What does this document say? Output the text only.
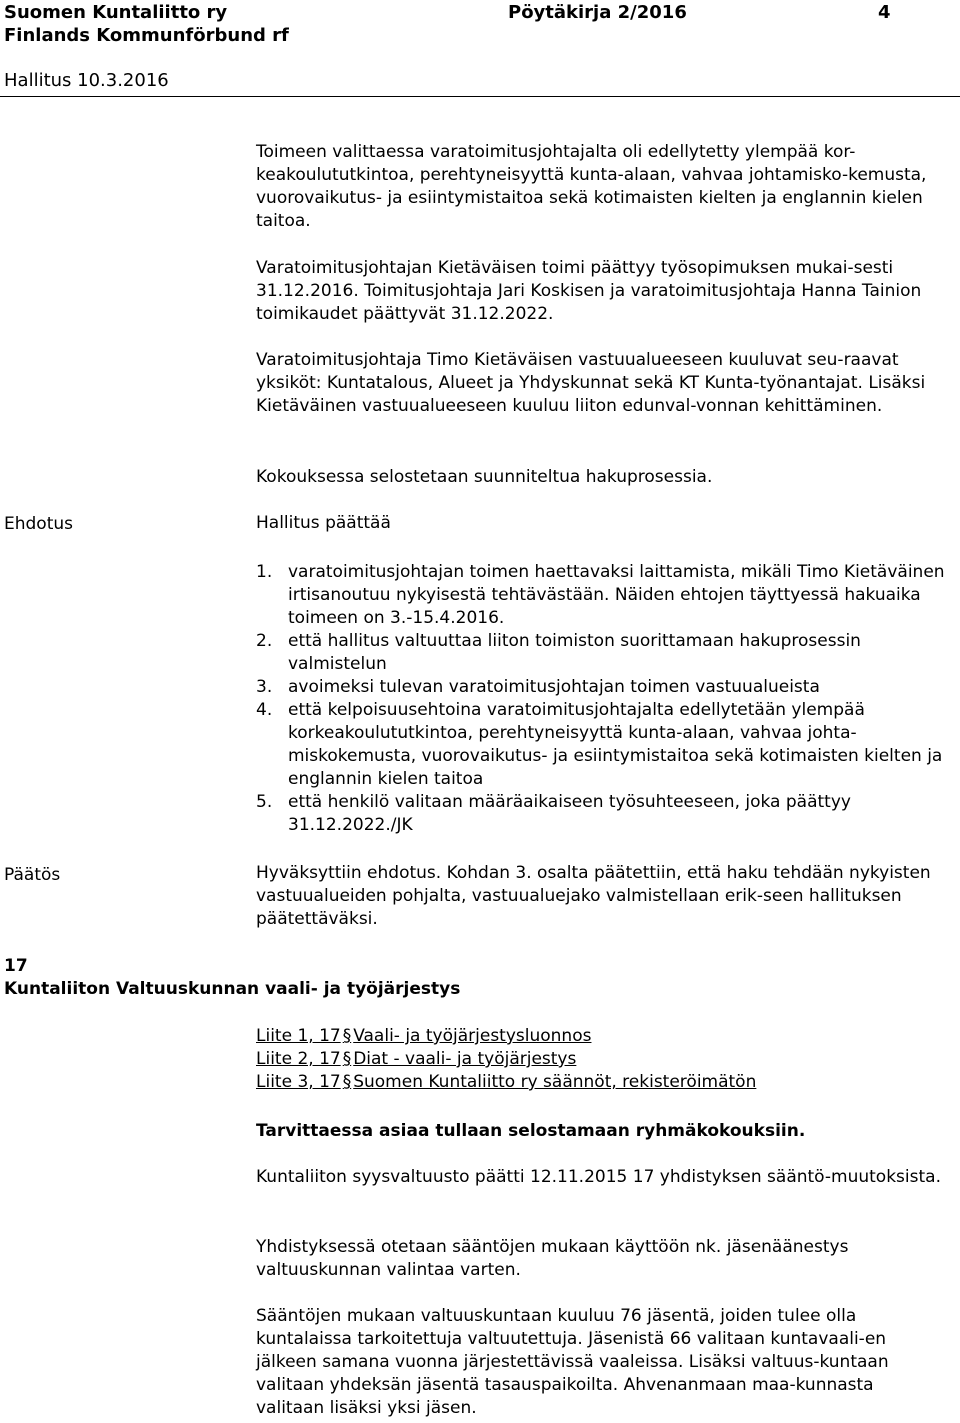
Suomen Kuntaliitto ry	Pöytäkirja 2/2016	4
Finlands Kommunförbund rf
Hallitus 10.3.2016

Toimeen valittaessa varatoimitusjohtajalta oli edellytetty ylempää kor-keakoulututkintoa, perehtyneisyyttä kunta-alaan, vahvaa johtamisko-kemusta, vuorovaikutus- ja esiintymistaitoa sekä kotimaisten kielten ja englannin kielen taitoa.

Varatoimitusjohtajan Kietäväisen toimi päättyy työsopimuksen mukai-sesti 31.12.2016. Toimitusjohtaja Jari Koskisen ja varatoimitusjohtaja Hanna Tainion toimikaudet päättyvät 31.12.2022.

Varatoimitusjohtaja Timo Kietäväisen vastuualueeseen kuuluvat seu-raavat yksiköt: Kuntatalous, Alueet ja Yhdyskunnat sekä KT Kunta-työnantajat. Lisäksi Kietäväinen vastuualueeseen kuuluu liiton edunval-vonnan kehittäminen.

Kokouksessa selostetaan suunniteltua hakuprosessia.

Ehdotus	Hallitus päättää
1. varatoimitusjohtajan toimen haettavaksi laittamista, mikäli Timo Kietäväinen irtisanoutuu nykyisestä tehtävästään. Näiden ehtojen täyttyessä hakuaika toimeen on 3.-15.4.2016.
2. että hallitus valtuuttaa liiton toimiston suorittamaan hakuprosessin valmistelun
3. avoimeksi tulevan varatoimitusjohtajan toimen vastuualueista
4. että kelpoisuusehtoina varatoimitusjohtajalta edellytetään ylempää korkeakoulututkintoa, perehtyneisyyttä kunta-alaan, vahvaa johta-miskokemusta, vuorovaikutus- ja esiintymistaitoa sekä kotimaisten kielten ja englannin kielen taitoa
5. että henkilö valitaan määräaikaiseen työsuhteeseen, joka päättyy 31.12.2022./JK
Päätös	Hyväksyttiin ehdotus. Kohdan 3. osalta päätettiin, että haku tehdään nykyisten vastuualueiden pohjalta, vastuualuejako valmistellaan erik-seen hallituksen päätettäväksi.

17
Kuntaliiton Valtuuskunnan vaali- ja työjärjestys
Liite 1, 17 § Vaali- ja työjärjestysluonnos
Liite 2, 17 § Diat - vaali- ja työjärjestys
Liite 3, 17 § Suomen Kuntaliitto ry säännöt, rekisteröimätön

Tarvittaessa asiaa tullaan selostamaan ryhmäkokouksiin.

Kuntaliiton syysvaltuusto päätti 12.11.2015 17 yhdistyksen sääntö-muutoksista.

Yhdistyksessä otetaan sääntöjen mukaan käyttöön nk. jäsenäänestys valtuuskunnan valintaa varten.

Sääntöjen mukaan valtuuskuntaan kuuluu 76 jäsentä, joiden tulee olla kuntalaissa tarkoitettuja valtuutettuja. Jäsenistä 66 valitaan kuntavaali-en jälkeen samana vuonna järjestettävissä vaaleissa. Lisäksi valtuus-kuntaan valitaan yhdeksän jäsentä tasauspaikoilta. Ahvenanmaan maa-kunnasta valitaan lisäksi yksi jäsen.
